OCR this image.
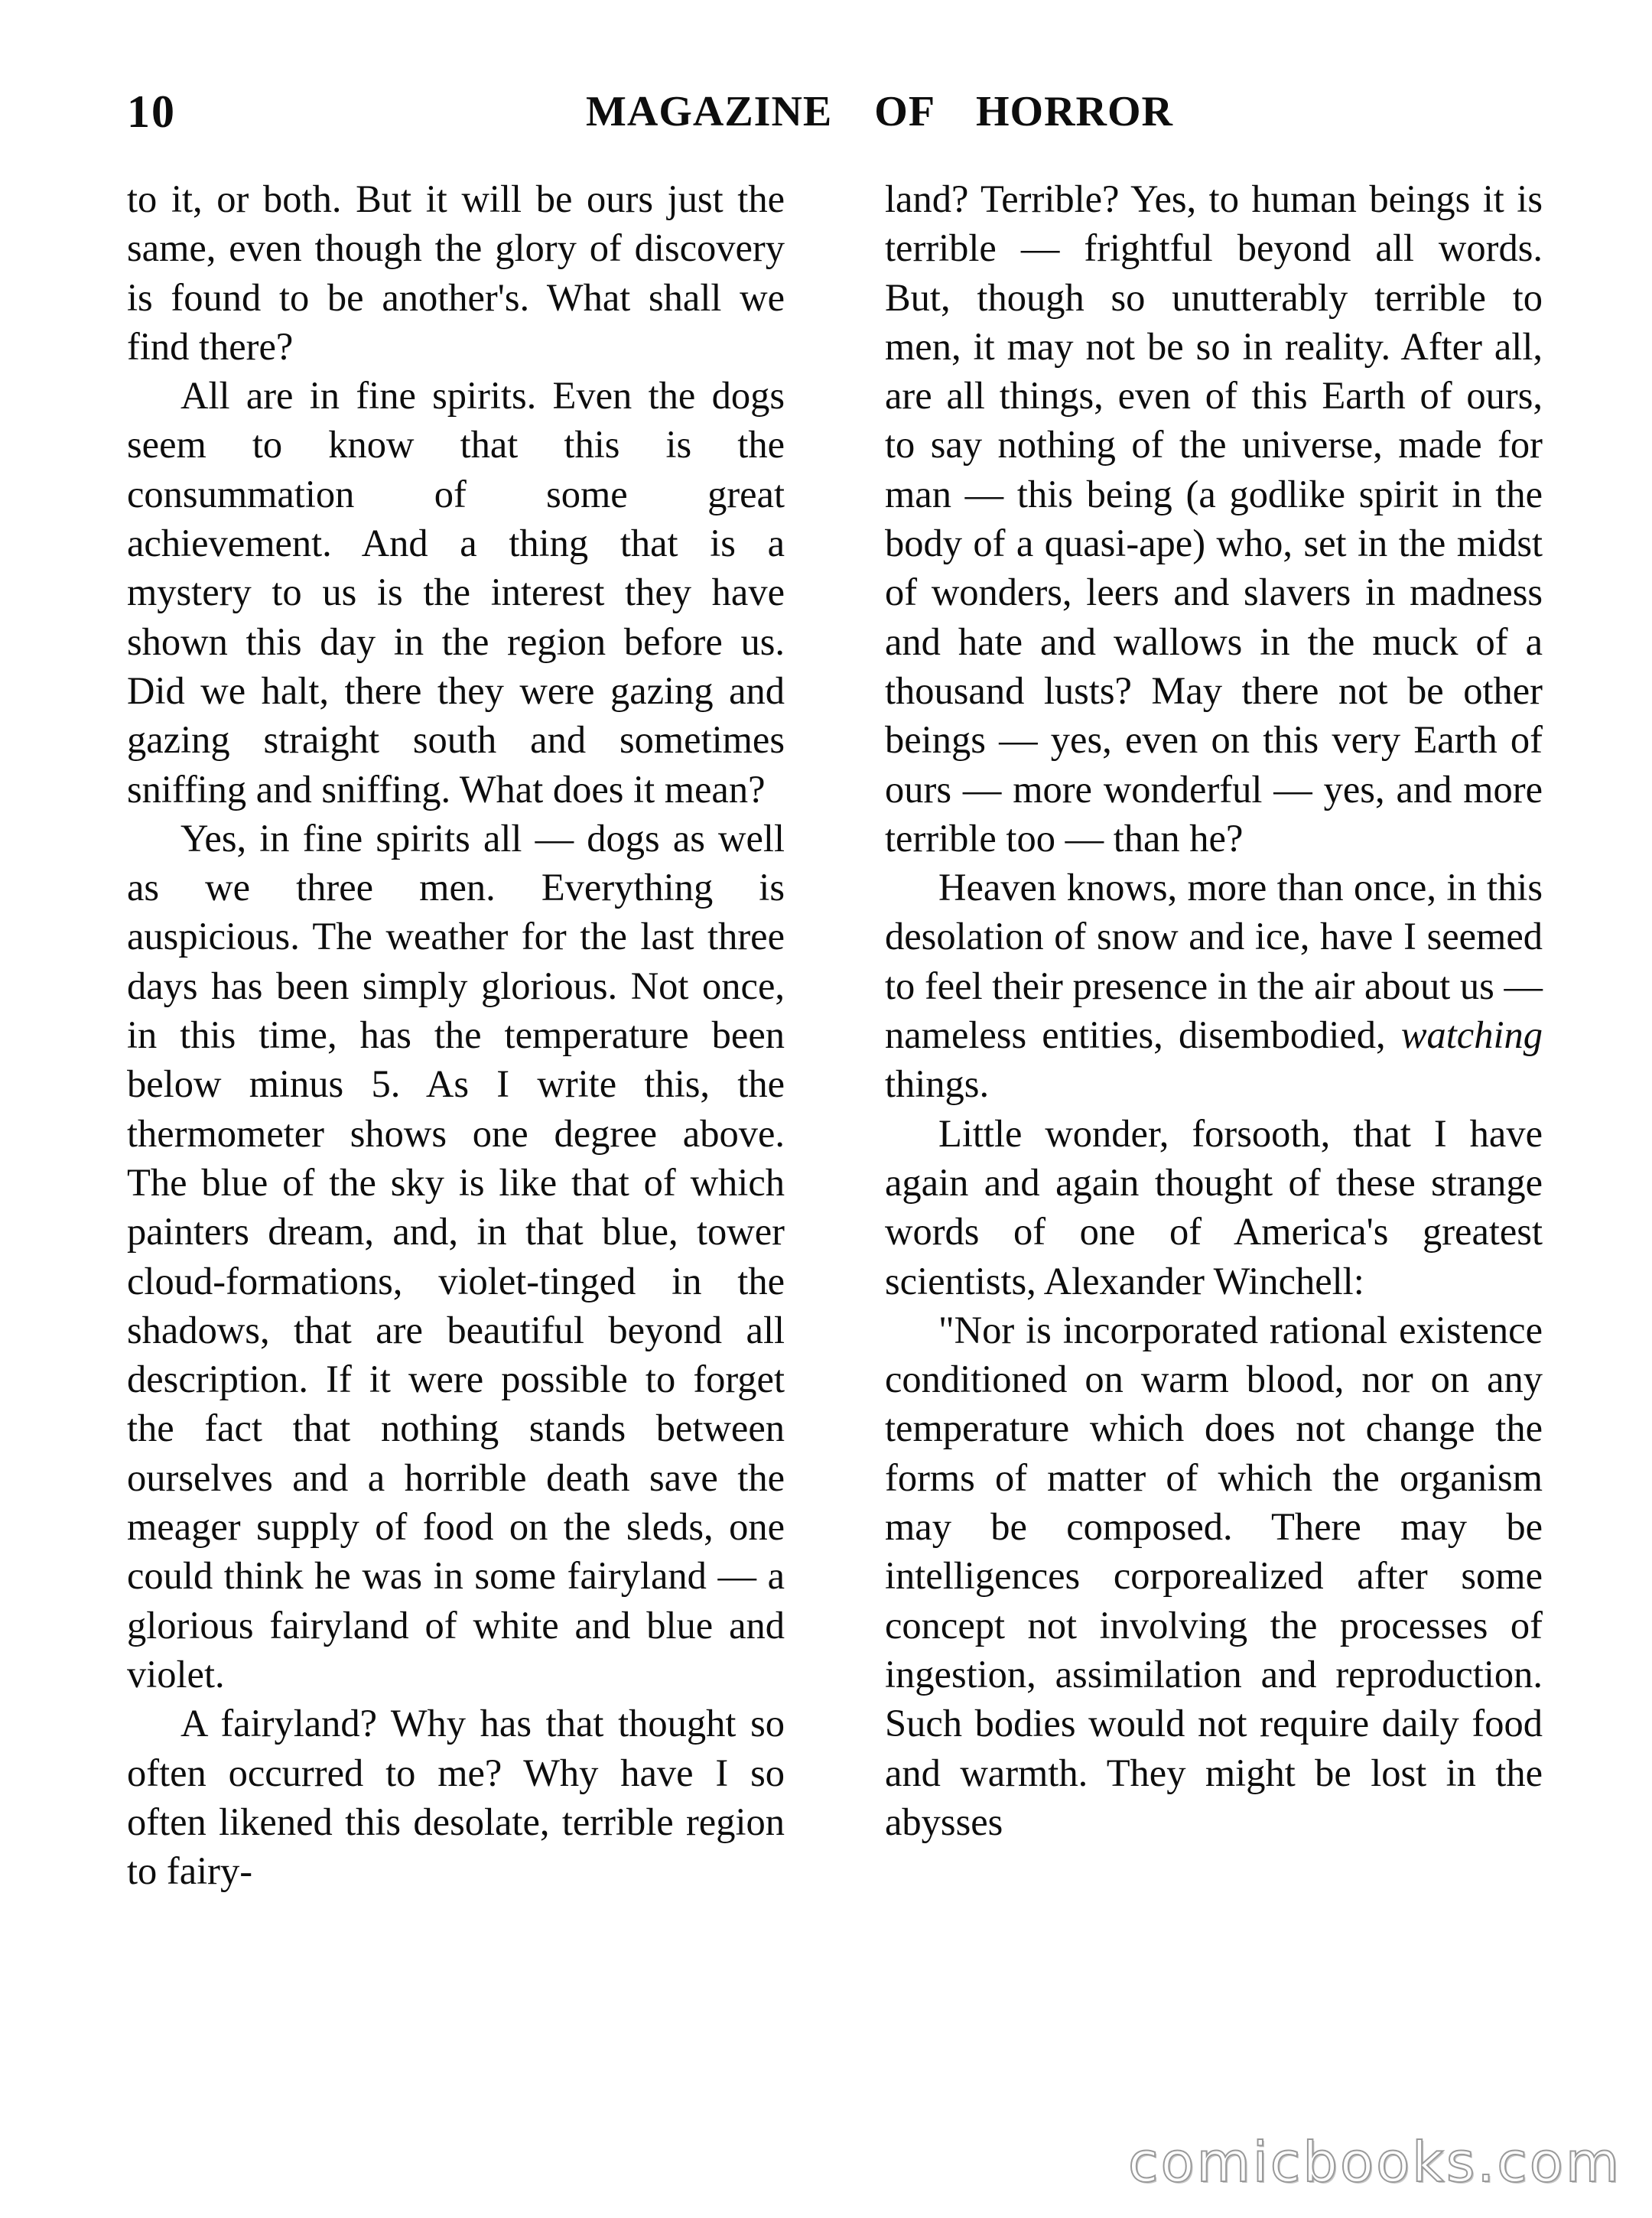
10	MAGAZINE OF HORROR

to it, or both. But it will be ours just the same, even though the glory of discovery is found to be another's. What shall we find there?

All are in fine spirits. Even the dogs seem to know that this is the consummation of some great achievement. And a thing that is a mystery to us is the interest they have shown this day in the region before us. Did we halt, there they were gazing and gazing straight south and sometimes sniffing and sniffing. What does it mean?

Yes, in fine spirits all — dogs as well as we three men. Everything is auspicious. The weather for the last three days has been simply glorious. Not once, in this time, has the temperature been below minus 5. As I write this, the thermometer shows one degree above. The blue of the sky is like that of which painters dream, and, in that blue, tower cloud-formations, violet-tinged in the shadows, that are beautiful beyond all description. If it were possible to forget the fact that nothing stands between ourselves and a horrible death save the meager supply of food on the sleds, one could think he was in some fairyland — a glorious fairyland of white and blue and violet.

A fairyland? Why has that thought so often occurred to me? Why have I so often likened this desolate, terrible region to fairy-

land? Terrible? Yes, to human beings it is terrible — frightful beyond all words. But, though so unutterably terrible to men, it may not be so in reality. After all, are all things, even of this Earth of ours, to say nothing of the universe, made for man — this being (a godlike spirit in the body of a quasi-ape) who, set in the midst of wonders, leers and slavers in madness and hate and wallows in the muck of a thousand lusts? May there not be other beings — yes, even on this very Earth of ours — more wonderful — yes, and more terrible too — than he?

Heaven knows, more than once, in this desolation of snow and ice, have I seemed to feel their presence in the air about us — nameless entities, disembodied, watching things.

Little wonder, forsooth, that I have again and again thought of these strange words of one of America's greatest scientists, Alexander Winchell:

"Nor is incorporated rational existence conditioned on warm blood, nor on any temperature which does not change the forms of matter of which the organism may be composed. There may be intelligences corporealized after some concept not involving the processes of ingestion, assimilation and reproduction. Such bodies would not require daily food and warmth. They might be lost in the abysses

comicbooks.com
